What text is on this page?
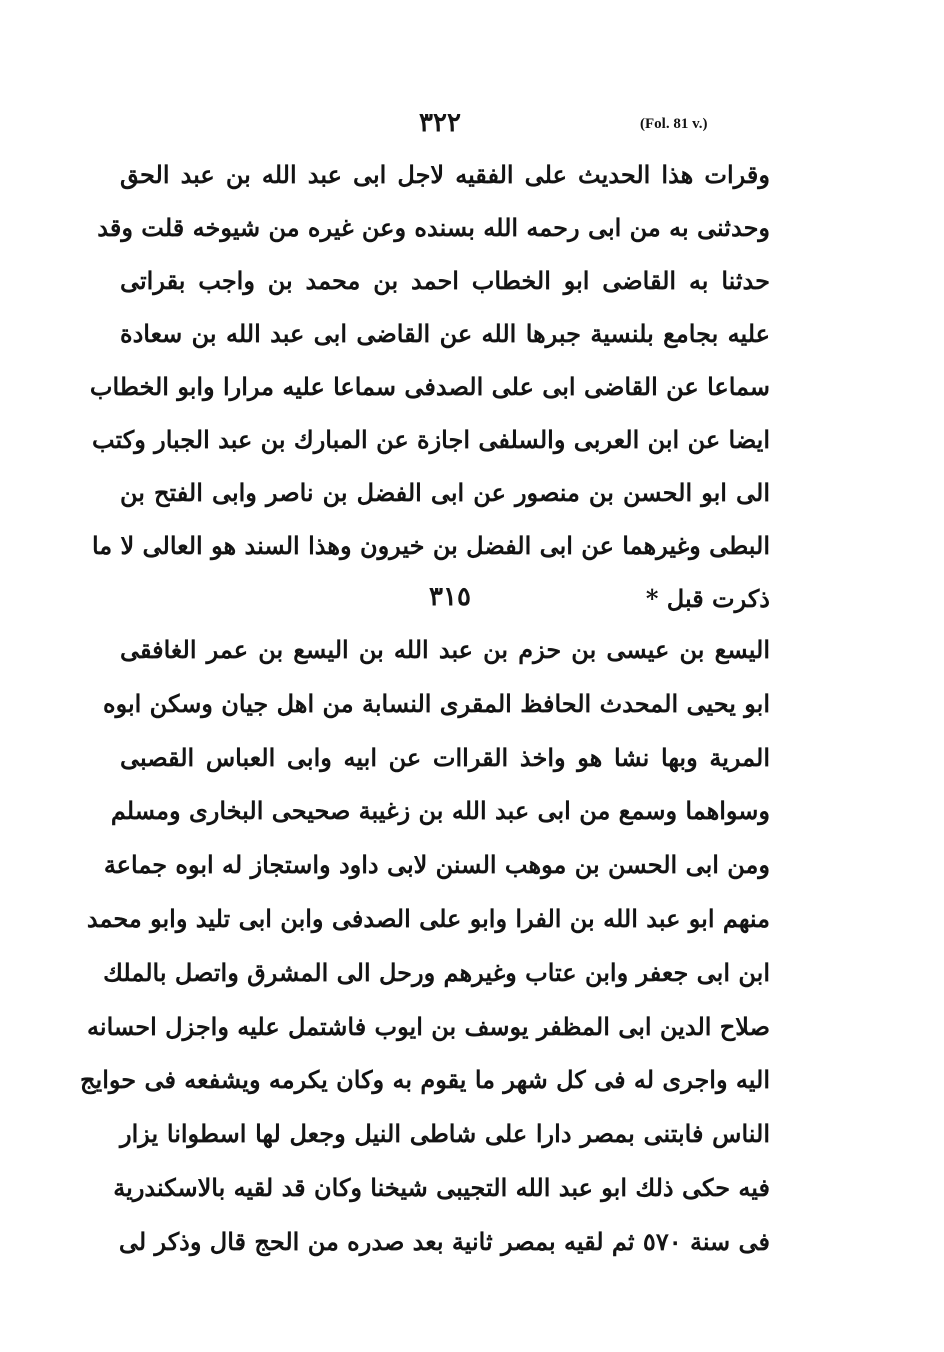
٣٢٢	(Fol. 81 v.)
وقرات هذا الحديث على الفقيه لاجل ابى عبد الله بن عبد الحق
وحدثنى به من ابى رحمه الله بسنده وعن غيره من شيوخه قلت وقد
حدثنا به القاضى ابو الخطاب احمد بن محمد بن واجب بقراتى
عليه بجامع بلنسية جبرها الله عن القاضى ابى عبد الله بن سعادة
سماعا عن القاضى ابى على الصدفى سماعا عليه مرارا وابو الخطاب
ايضا عن ابن العربى والسلفى اجازة عن المبارك بن عبد الجبار وكتب
الى ابو الحسن بن منصور عن ابى الفضل بن ناصر وابى الفتح بن
البطى وغيرهما عن ابى الفضل بن خيرون وهذا السند هو العالى لا ما
ذكرت قبل *
٣١٥
اليسع بن عيسى بن حزم بن عبد الله بن اليسع بن عمر الغافقى
ابو يحيى المحدث الحافظ المقرى النسابة من اهل جيان وسكن ابوه
المرية وبها نشا هو واخذ القراات عن ابيه وابى العباس القصبى
وسواهما وسمع من ابى عبد الله بن زغيبة صحيحى البخارى ومسلم
ومن ابى الحسن بن موهب السنن لابى داود واستجاز له ابوه جماعة
منهم ابو عبد الله بن الفرا وابو على الصدفى وابن ابى تليد وابو محمد
ابن ابى جعفر وابن عتاب وغيرهم ورحل الى المشرق واتصل بالملك
صلاح الدين ابى المظفر يوسف بن ايوب فاشتمل عليه واجزل احسانه
اليه واجرى له فى كل شهر ما يقوم به وكان يكرمه ويشفعه فى حوايج
الناس فابتنى بمصر دارا على شاطى النيل وجعل لها اسطوانا يزار
فيه حكى ذلك ابو عبد الله التجيبى شيخنا وكان قد لقيه بالاسكندرية
فى سنة ٥٧٠ ثم لقيه بمصر ثانية بعد صدره من الحج قال وذكر لى
